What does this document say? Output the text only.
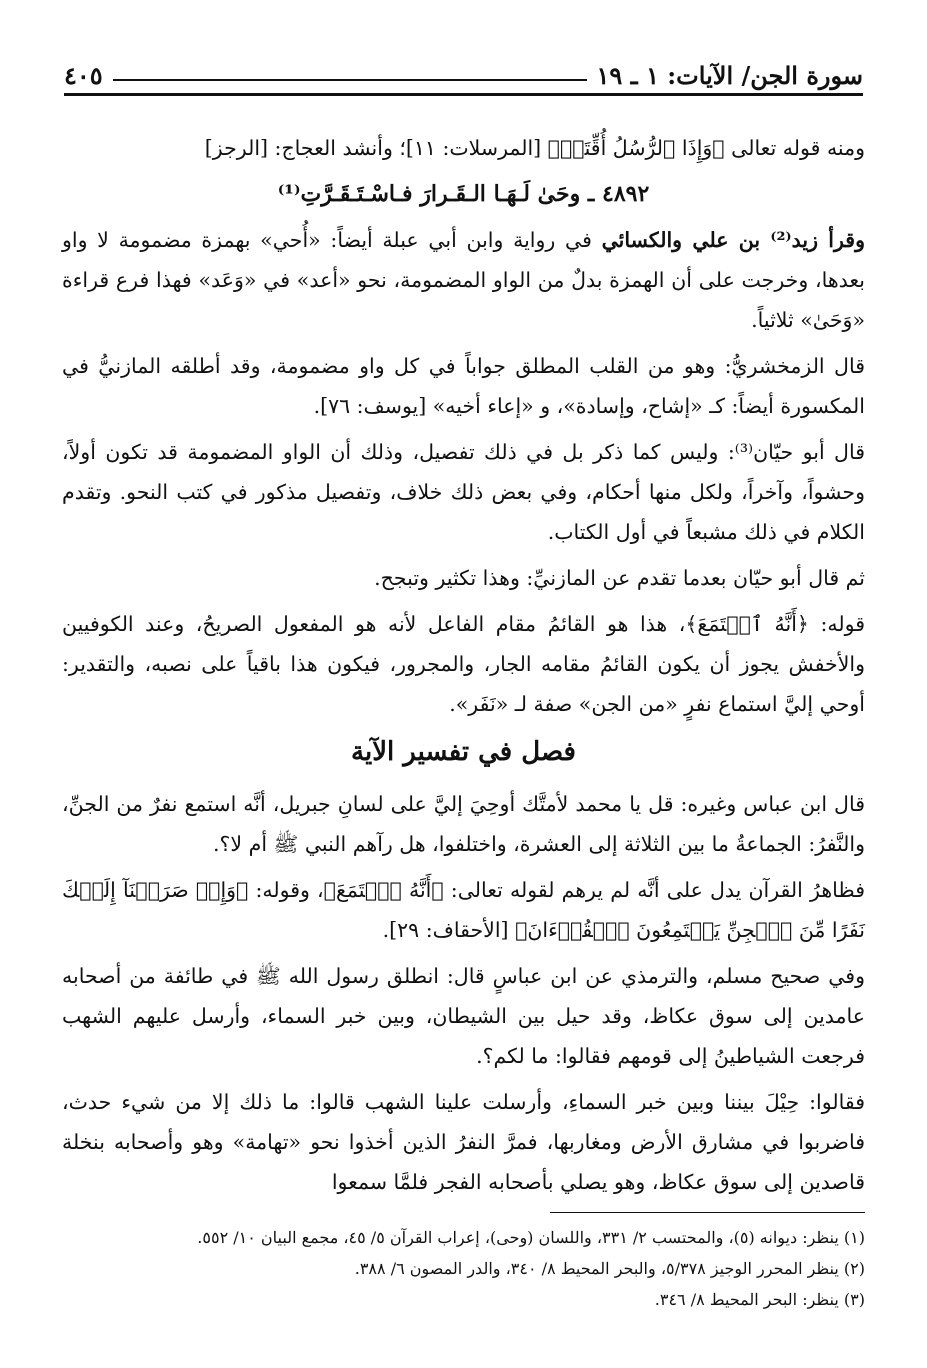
سورة الجن/ الآيات: ١ ـ ١٩
٤٠٥

ومنه قوله تعالى ﴿وَإِذَا ٱلرُّسُلُ أُقِّتَتۡ﴾ [المرسلات: ١١]؛ وأنشد العجاج: [الرجز]

٤٨٩٢ ـ وحَىٰ لَـهَـا الـقَـرارَ فـاسْـتَـقَـرَّتِ⁽¹⁾

وقرأ زيد⁽²⁾ بن علي والكسائي في رواية وابن أبي عبلة أيضاً: «أُحي» بهمزة مضمومة لا واو بعدها، وخرجت على أن الهمزة بدلٌ من الواو المضمومة، نحو «أعد» في «وَعَد» فهذا فرع قراءة «وَحَىٰ» ثلاثياً.

قال الزمخشريُّ: وهو من القلب المطلق جواباً في كل واو مضمومة، وقد أطلقه المازنيُّ في المكسورة أيضاً: كـ «إشاح، وإسادة»، و «إعاء أخيه» [يوسف: ٧٦].

قال أبو حيّان⁽³⁾: وليس كما ذكر بل في ذلك تفصيل، وذلك أن الواو المضمومة قد تكون أولاً، وحشواً، وآخراً، ولكل منها أحكام، وفي بعض ذلك خلاف، وتفصيل مذكور في كتب النحو. وتقدم الكلام في ذلك مشبعاً في أول الكتاب.

ثم قال أبو حيّان بعدما تقدم عن المازنيِّ: وهذا تكثير وتبجح.

قوله: ﴿أَنَّهُ ٱسۡتَمَعَ﴾، هذا هو القائمُ مقام الفاعل لأنه هو المفعول الصريحُ، وعند الكوفيين والأخفش يجوز أن يكون القائمُ مقامه الجار، والمجرور، فيكون هذا باقياً على نصبه، والتقدير: أوحي إليَّ استماع نفرٍ «من الجن» صفة لـ «نَفَر».

فصل في تفسير الآية

قال ابن عباس وغيره: قل يا محمد لأمتَّك أوحِيَ إليَّ على لسانِ جبريل، أنَّه استمع نفرٌ من الجنِّ، والنَّفرُ: الجماعةُ ما بين الثلاثة إلى العشرة، واختلفوا، هل رآهم النبي ﷺ أم لا؟.

فظاهرُ القرآن يدل على أنَّه لم يرهم لقوله تعالى: ﴿أَنَّهُ ٱسۡتَمَعَ﴾، وقوله: ﴿وَإِذۡ صَرَفۡنَآ إِلَيۡكَ نَفَرًا مِّنَ ٱلۡجِنِّ يَسۡتَمِعُونَ ٱلۡقُرۡءَانَ﴾ [الأحقاف: ٢٩].

وفي صحيح مسلم، والترمذي عن ابن عباسٍ قال: انطلق رسول الله ﷺ في طائفة من أصحابه عامدين إلى سوق عكاظ، وقد حيل بين الشيطان، وبين خبر السماء، وأرسل عليهم الشهب فرجعت الشياطينُ إلى قومهم فقالوا: ما لكم؟.

فقالوا: حِيْلَ بيننا وبين خبر السماءِ، وأرسلت علينا الشهب قالوا: ما ذلك إلا من شيء حدث، فاضربوا في مشارق الأرض ومغاربها، فمرَّ النفرُ الذين أخذوا نحو «تهامة» وهو وأصحابه بنخلة قاصدين إلى سوق عكاظ، وهو يصلي بأصحابه الفجر فلمَّا سمعوا

(١) ينظر: ديوانه (٥)، والمحتسب ٢/ ٣٣١، واللسان (وحى)، إعراب القرآن ٥/ ٤٥، مجمع البيان ١٠/ ٥٥٢.
(٢) ينظر المحرر الوجيز ٥/٣٧٨، والبحر المحيط ٨/ ٣٤٠، والدر المصون ٦/ ٣٨٨.
(٣) ينظر: البحر المحيط ٨/ ٣٤٦.
